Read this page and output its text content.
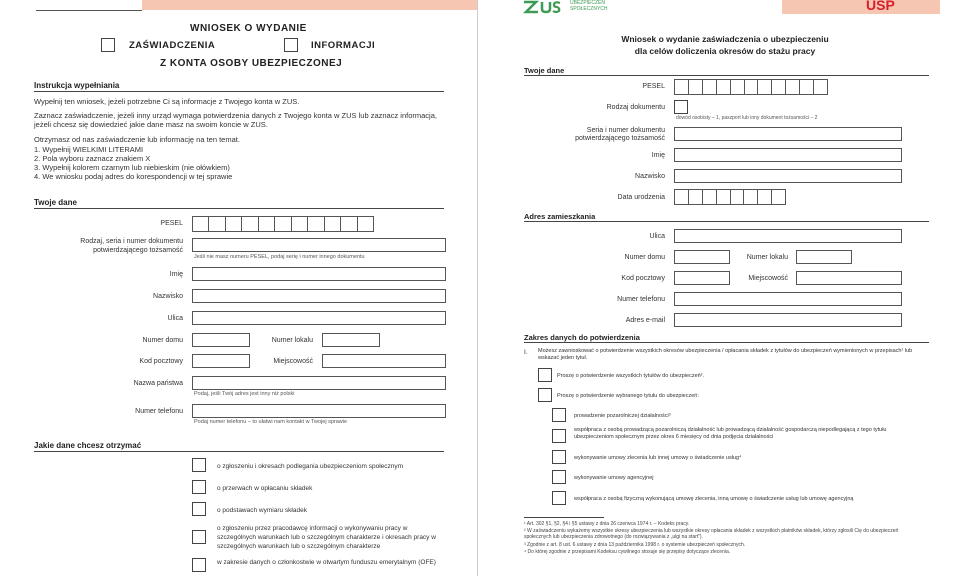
WNIOSEK O WYDANIE
ZAŚWIADCZENIA	INFORMACJI
Z KONTA OSOBY UBEZPIECZONEJ
Instrukcja wypełniania
Wypełnij ten wniosek, jeżeli potrzebne Ci są informacje z Twojego konta w ZUS.
Zaznacz zaświadczenie, jeżeli inny urząd wymaga potwierdzenia danych z Twojego konta w ZUS lub zaznacz informacja,
jeżeli chcesz się dowiedzieć jakie dane masz na swoim koncie w ZUS.
Otrzymasz od nas zaświadczenie lub informację na ten temat.
1. Wypełnij WIELKIMI LITERAMI
2. Pola wyboru zaznacz znakiem X
3. Wypełnij kolorem czarnym lub niebieskim (nie ołówkiem)
4. We wniosku podaj adres do korespondencji w tej sprawie
Twoje dane
PESEL
Rodzaj, seria i numer dokumentu
potwierdzającego tożsamość
Jeśli nie masz numeru PESEL, podaj serię i numer innego dokumentu
Imię
Nazwisko
Ulica
Numer domu	Numer lokalu
Kod pocztowy	Miejscowość
Nazwa państwa
Podaj, jeśli Twój adres jest inny niż polski
Numer telefonu
Podaj numer telefonu – to ułatwi nam kontakt w Twojej sprawie
Jakie dane chcesz otrzymać
o zgłoszeniu i okresach podlegania ubezpieczeniom społecznym
o przerwach w opłacaniu składek
o podstawach wymiaru składek
o zgłoszeniu przez pracodawcę informacji o wykonywaniu pracy w szczególnych warunkach lub o szczególnym charakterze i okresach pracy w szczególnych warunkach lub o szczególnym charakterze
w zakresie danych o członkostwie w otwartym funduszu emerytalnym (OFE)
UBEZPIECZEŃ SPOŁECZNYCH	USP
Wniosek o wydanie zaświadczenia o ubezpieczeniu
dla celów doliczenia okresów do stażu pracy
Twoje dane
PESEL
Rodzaj dokumentu
dowód osobisty – 1, paszport lub inny dokument tożsamości – 2
Seria i numer dokumentu
potwierdzającego tożsamość
Imię
Nazwisko
Data urodzenia
Adres zamieszkania
Ulica
Numer domu	Numer lokalu
Kod pocztowy	Miejscowość
Numer telefonu
Adres e-mail
Zakres danych do potwierdzenia
I. Możesz zawnioskować o potwierdzenie wszystkich okresów ubezpieczenia / opłacania składek z tytułów do ubezpieczeń wymienionych w przepisach¹ lub wskazać jeden tytuł.
Proszę o potwierdzenie wszystkich tytułów do ubezpieczeń².
Proszę o potwierdzenie wybranego tytułu do ubezpieczeń:
prowadzenie pozarolniczej działalności³
współpraca z osobą prowadzącą pozarolniczą działalność lub prowadzącą działalność gospodarczą niepodlegającą z tego tytułu ubezpieczeniom społecznym przez okres 6 miesięcy od dnia podjęcia działalności
wykonywanie umowy zlecenia lub innej umowy o świadczenie usług⁴
wykonywanie umowy agencyjnej
współpraca z osobą fizyczną wykonującą umowę zlecenia, inną umowę o świadczenie usług lub umowę agencyjną
¹ Art. 302 §1, §2, §4 i §5 ustawy z dnia 26 czerwca 1974 r. – Kodeks pracy.
² W zaświadczeniu wykażemy wszystkie okresy ubezpieczenia lub wszystkie okresy opłacania składek z wszystkich płatników składek, którzy zgłosili Cię do ubezpieczeń społecznych lub ubezpieczenia zdrowotnego (do rozwiązywania z „ulgi na start”).
³ Zgodnie z art. 8 ust. 6 ustawy z dnia 13 października 1998 r. o systemie ubezpieczeń społecznych.
⁴ Do której zgodnie z przepisami Kodeksu cywilnego stosuje się przepisy dotyczące zlecenia.
